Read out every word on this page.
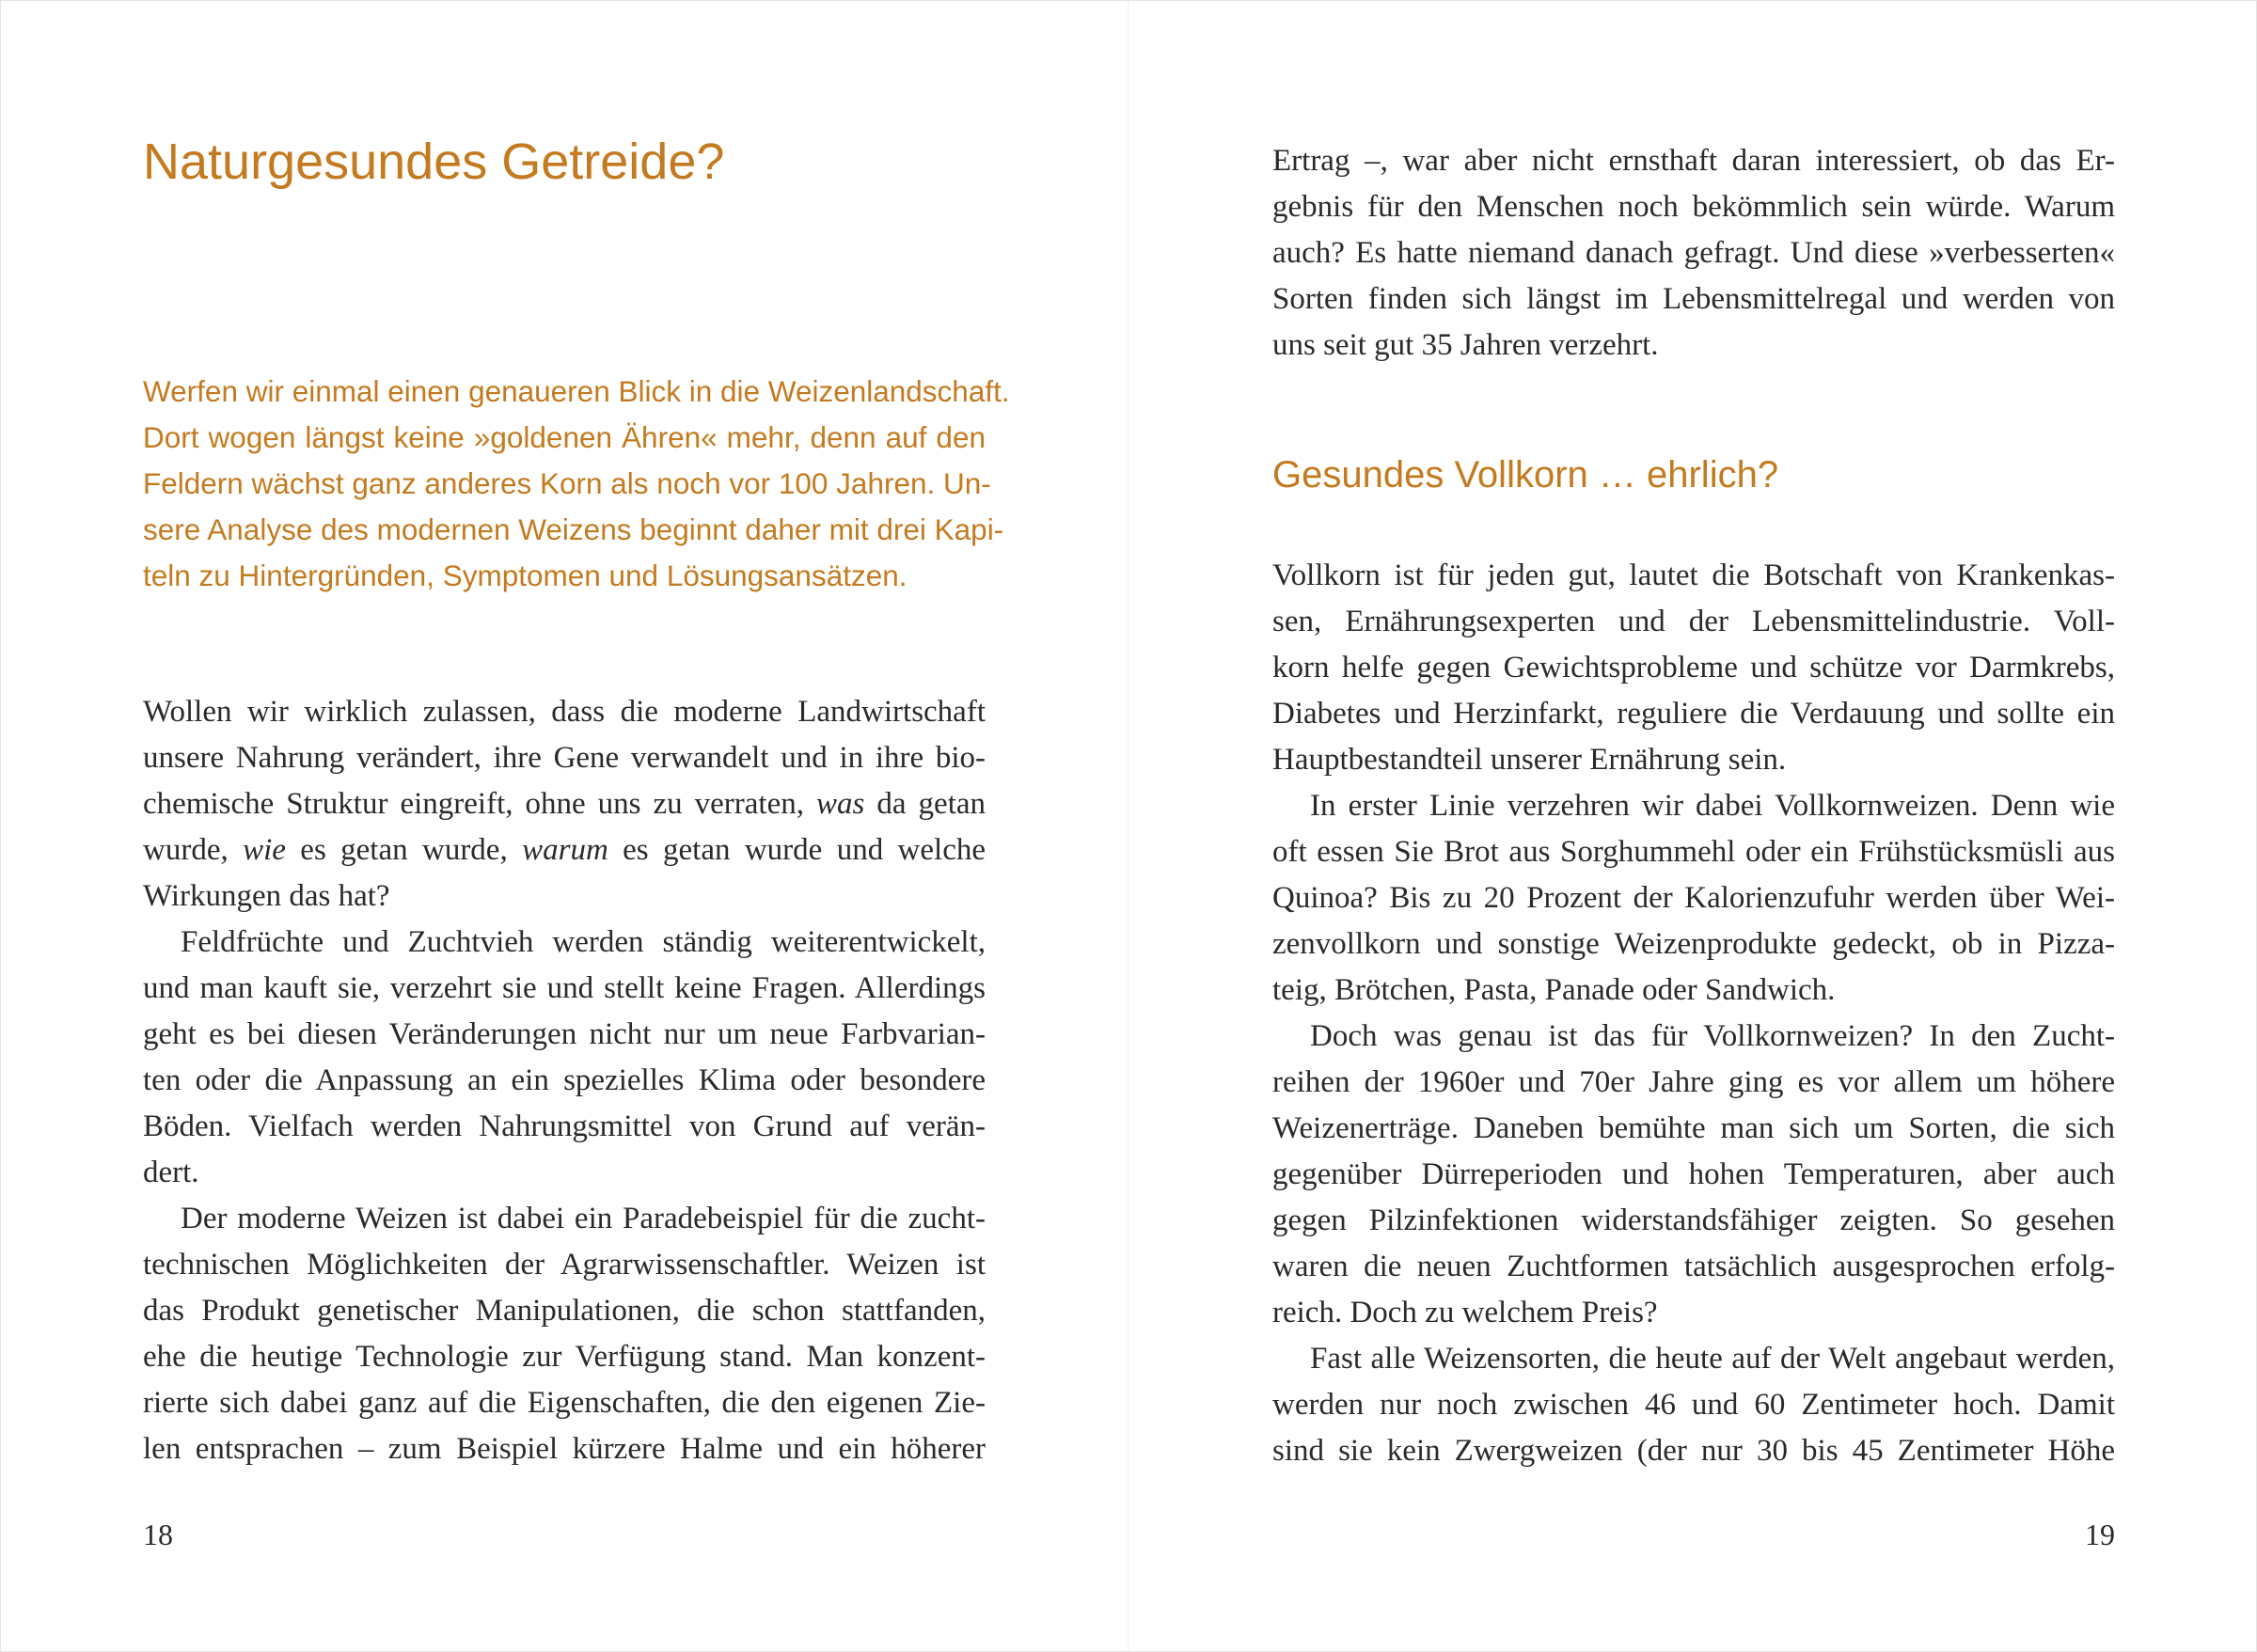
Naturgesundes Getreide?

Werfen wir einmal einen genaueren Blick in die Weizenlandschaft.
Dort wogen längst keine »goldenen Ähren« mehr, denn auf den
Feldern wächst ganz anderes Korn als noch vor 100 Jahren. Un-
sere Analyse des modernen Weizens beginnt daher mit drei Kapi-
teln zu Hintergründen, Symptomen und Lösungsansätzen.

Wollen wir wirklich zulassen, dass die moderne Landwirtschaft
unsere Nahrung verändert, ihre Gene verwandelt und in ihre bio-
chemische Struktur eingreift, ohne uns zu verraten, was da getan
wurde, wie es getan wurde, warum es getan wurde und welche
Wirkungen das hat?
Feldfrüchte und Zuchtvieh werden ständig weiterentwickelt,
und man kauft sie, verzehrt sie und stellt keine Fragen. Allerdings
geht es bei diesen Veränderungen nicht nur um neue Farbvarian-
ten oder die Anpassung an ein spezielles Klima oder besondere
Böden. Vielfach werden Nahrungsmittel von Grund auf verän-
dert.
Der moderne Weizen ist dabei ein Paradebeispiel für die zucht-
technischen Möglichkeiten der Agrarwissenschaftler. Weizen ist
das Produkt genetischer Manipulationen, die schon stattfanden,
ehe die heutige Technologie zur Verfügung stand. Man konzent-
rierte sich dabei ganz auf die Eigenschaften, die den eigenen Zie-
len entsprachen – zum Beispiel kürzere Halme und ein höherer
18
Ertrag –, war aber nicht ernsthaft daran interessiert, ob das Er-
gebnis für den Menschen noch bekömmlich sein würde. Warum
auch? Es hatte niemand danach gefragt. Und diese »verbesserten«
Sorten finden sich längst im Lebensmittelregal und werden von
uns seit gut 35 Jahren verzehrt.
Gesundes Vollkorn … ehrlich?
Vollkorn ist für jeden gut, lautet die Botschaft von Krankenkas-
sen, Ernährungsexperten und der Lebensmittelindustrie. Voll-
korn helfe gegen Gewichtsprobleme und schütze vor Darmkrebs,
Diabetes und Herzinfarkt, reguliere die Verdauung und sollte ein
Hauptbestandteil unserer Ernährung sein.
In erster Linie verzehren wir dabei Vollkornweizen. Denn wie
oft essen Sie Brot aus Sorghummehl oder ein Frühstücksmüsli aus
Quinoa? Bis zu 20 Prozent der Kalorienzufuhr werden über Wei-
zenvollkorn und sonstige Weizenprodukte gedeckt, ob in Pizza-
teig, Brötchen, Pasta, Panade oder Sandwich.
Doch was genau ist das für Vollkornweizen? In den Zucht-
reihen der 1960er und 70er Jahre ging es vor allem um höhere
Weizenerträge. Daneben bemühte man sich um Sorten, die sich
gegenüber Dürreperioden und hohen Temperaturen, aber auch
gegen Pilzinfektionen widerstandsfähiger zeigten. So gesehen
waren die neuen Zuchtformen tatsächlich ausgesprochen erfolg-
reich. Doch zu welchem Preis?
Fast alle Weizensorten, die heute auf der Welt angebaut werden,
werden nur noch zwischen 46 und 60 Zentimeter hoch. Damit
sind sie kein Zwergweizen (der nur 30 bis 45 Zentimeter Höhe
19
